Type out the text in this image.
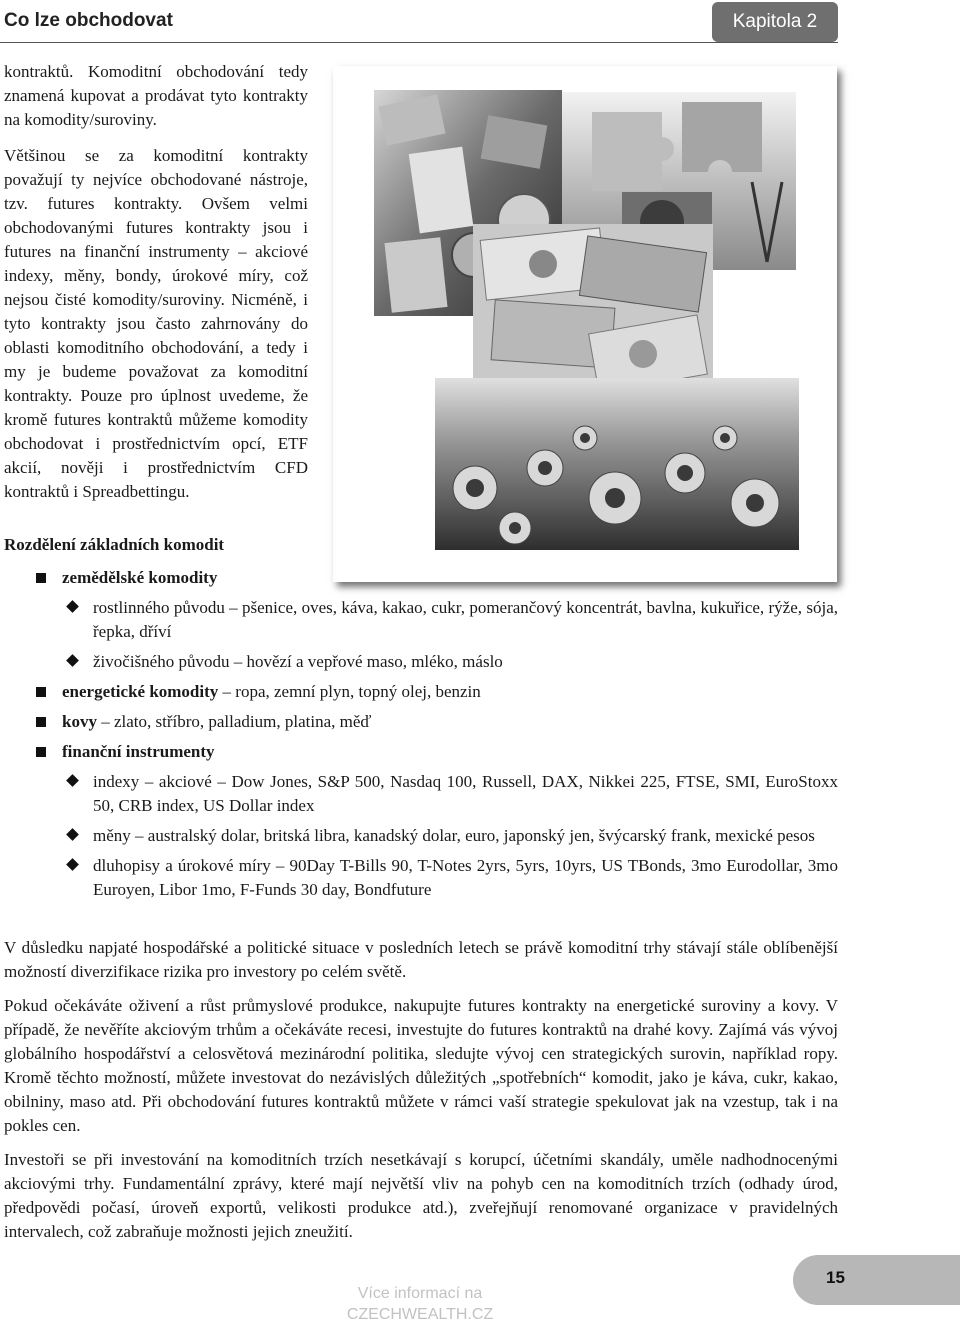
Co lze obchodovat	Kapitola 2

kontraktů. Komoditní obchodování tedy znamená kupovat a prodávat tyto kontrakty na komodity/suroviny.

Většinou se za komoditní kontrakty považují ty nejvíce obchodované nástroje, tzv. futures kontrakty. Ovšem velmi obchodovanými futures kontrakty jsou i futures na finanční instrumenty – akciové indexy, měny, bondy, úrokové míry, což nejsou čisté komodity/suroviny. Nicméně, i tyto kontrakty jsou často zahrnovány do oblasti komoditního obchodování, a tedy i my je budeme považovat za komoditní kontrakty. Pouze pro úplnost uvedeme, že kromě futures kontraktů můžeme komodity obchodovat i prostřednictvím opcí, ETF akcií, nověji i prostřednictvím CFD kontraktů i Spreadbettingu.

Rozdělení základních komodit
zemědělské komodity
rostlinného původu – pšenice, oves, káva, kakao, cukr, pomerančový koncentrát, bavlna, kukuřice, rýže, sója, řepka, dříví
živočišného původu – hovězí a vepřové maso, mléko, máslo
energetické komodity – ropa, zemní plyn, topný olej, benzin
kovy – zlato, stříbro, palladium, platina, měď
finanční instrumenty
indexy – akciové – Dow Jones, S&P 500, Nasdaq 100, Russell, DAX, Nikkei 225, FTSE, SMI, EuroStoxx 50, CRB index, US Dollar index
měny – australský dolar, britská libra, kanadský dolar, euro, japonský jen, švýcarský frank, mexické pesos
dluhopisy a úrokové míry – 90Day T-Bills 90, T-Notes 2yrs, 5yrs, 10yrs, US TBonds, 3mo Eurodollar, 3mo Euroyen, Libor 1mo, F-Funds 30 day, Bondfuture

V důsledku napjaté hospodářské a politické situace v posledních letech se právě komoditní trhy stávají stále oblíbenější možností diverzifikace rizika pro investory po celém světě.

Pokud očekáváte oživení a růst průmyslové produkce, nakupujte futures kontrakty na energetické suroviny a kovy. V případě, že nevěříte akciovým trhům a očekáváte recesi, investujte do futures kontraktů na drahé kovy. Zajímá vás vývoj globálního hospodářství a celosvětová mezinárodní politika, sledujte vývoj cen strategických surovin, například ropy. Kromě těchto možností, můžete investovat do nezávislých důležitých „spotřebních“ komodit, jako je káva, cukr, kakao, obilniny, maso atd. Při obchodování futures kontraktů můžete v rámci vaší strategie spekulovat jak na vzestup, tak i na pokles cen.

Investoři se při investování na komoditních trzích nesetkávají s korupcí, účetními skandály, uměle nadhodnocenými akciovými trhy. Fundamentální zprávy, které mají největší vliv na pohyb cen na komoditních trzích (odhady úrod, předpovědi počasí, úroveň exportů, velikosti produkce atd.), zveřejňují renomované organizace v pravidelných intervalech, což zabraňuje možnosti jejich zneužití.

Více informací na
CZECHWEALTH.CZ
15
